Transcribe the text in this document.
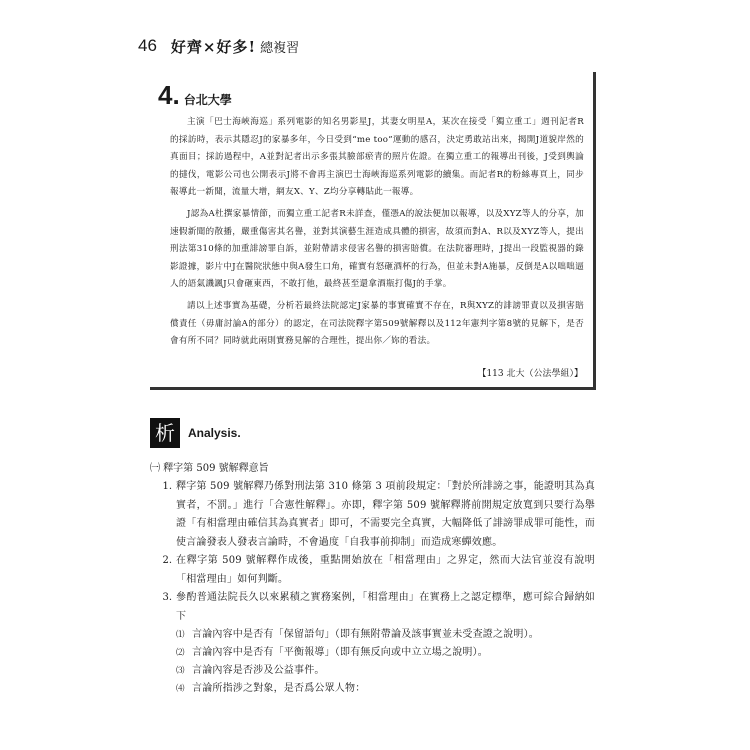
46 好齊×好多! 總複習
4. 台北大學

主演「巴士海峽海巡」系列電影的知名男影星J，其妻女明星A，某次在接受「獨立重工」週刊記者R的採訪時，表示其隱忍J的家暴多年，今日受到“me too”運動的感召，決定勇敢站出來，揭開J道貌岸然的真面目；採訪過程中，A並對記者出示多張其臉部瘀青的照片佐證。在獨立重工的報導出刊後，J受到輿論的撻伐，電影公司也公開表示J將不會再主演巴士海峽海巡系列電影的續集。而記者R的粉絲專頁上，同步報導此一新聞，流量大增，網友X、Y、Z均分享轉貼此一報導。

J認為A杜撰家暴情節，而獨立重工記者R未詳查，僅憑A的說法便加以報導，以及XYZ等人的分享，加速假新聞的散播，嚴重傷害其名譽，並對其演藝生涯造成具體的損害，故須而對A、R以及XYZ等人，提出刑法第310條的加重誹謗罪自訴，並附帶請求侵害名譽的損害賠償。在法院審理時，J提出一段監視器的錄影證據，影片中J在醫院狀態中與A發生口角，確實有怒砸酒杯的行為，但並未對A施暴，反倒是A以咄咄逼人的語氣譏諷J只會砸東西，不敢打他，最終甚至還拿酒瓶打傷J的手掌。

請以上述事實為基礎，分析若最終法院認定J家暴的事實確實不存在，R與XYZ的誹謗罪責以及損害賠償責任（毋庸討論A的部分）的認定，在司法院釋字第509號解釋以及112年憲判字第8號的見解下，是否會有所不同？同時就此兩則實務見解的合理性，提出你／妳的看法。

【113 北大（公法學組）】
析	Analysis.
㈠ 釋字第 509 號解釋意旨
1. 釋字第 509 號解釋乃係對刑法第 310 條第 3 項前段規定：「對於所誹謗之事，能證明其為真實者，不罰。」進行「合憲性解釋」。亦即，釋字第 509 號解釋將前開規定放寬到只要行為舉證「有相當理由確信其為真實者」即可，不需要完全真實，大幅降低了誹謗罪成罪可能性，而使言論發表人發表言論時，不會過度「自我事前抑制」而造成寒蟬效應。
2. 在釋字第 509 號解釋作成後，重點開始放在「相當理由」之界定，然而大法官並沒有說明「相當理由」如何判斷。
3. 參酌普通法院長久以來累積之實務案例，「相當理由」在實務上之認定標準，應可綜合歸納如下
⑴ 言論內容中是否有「保留語句」（即有無附帶論及該事實並未受查證之說明）。
⑵ 言論內容中是否有「平衡報導」（即有無反向或中立立場之說明）。
⑶ 言論內容是否涉及公益事件。
⑷ 言論所指涉之對象，是否爲公眾人物：
